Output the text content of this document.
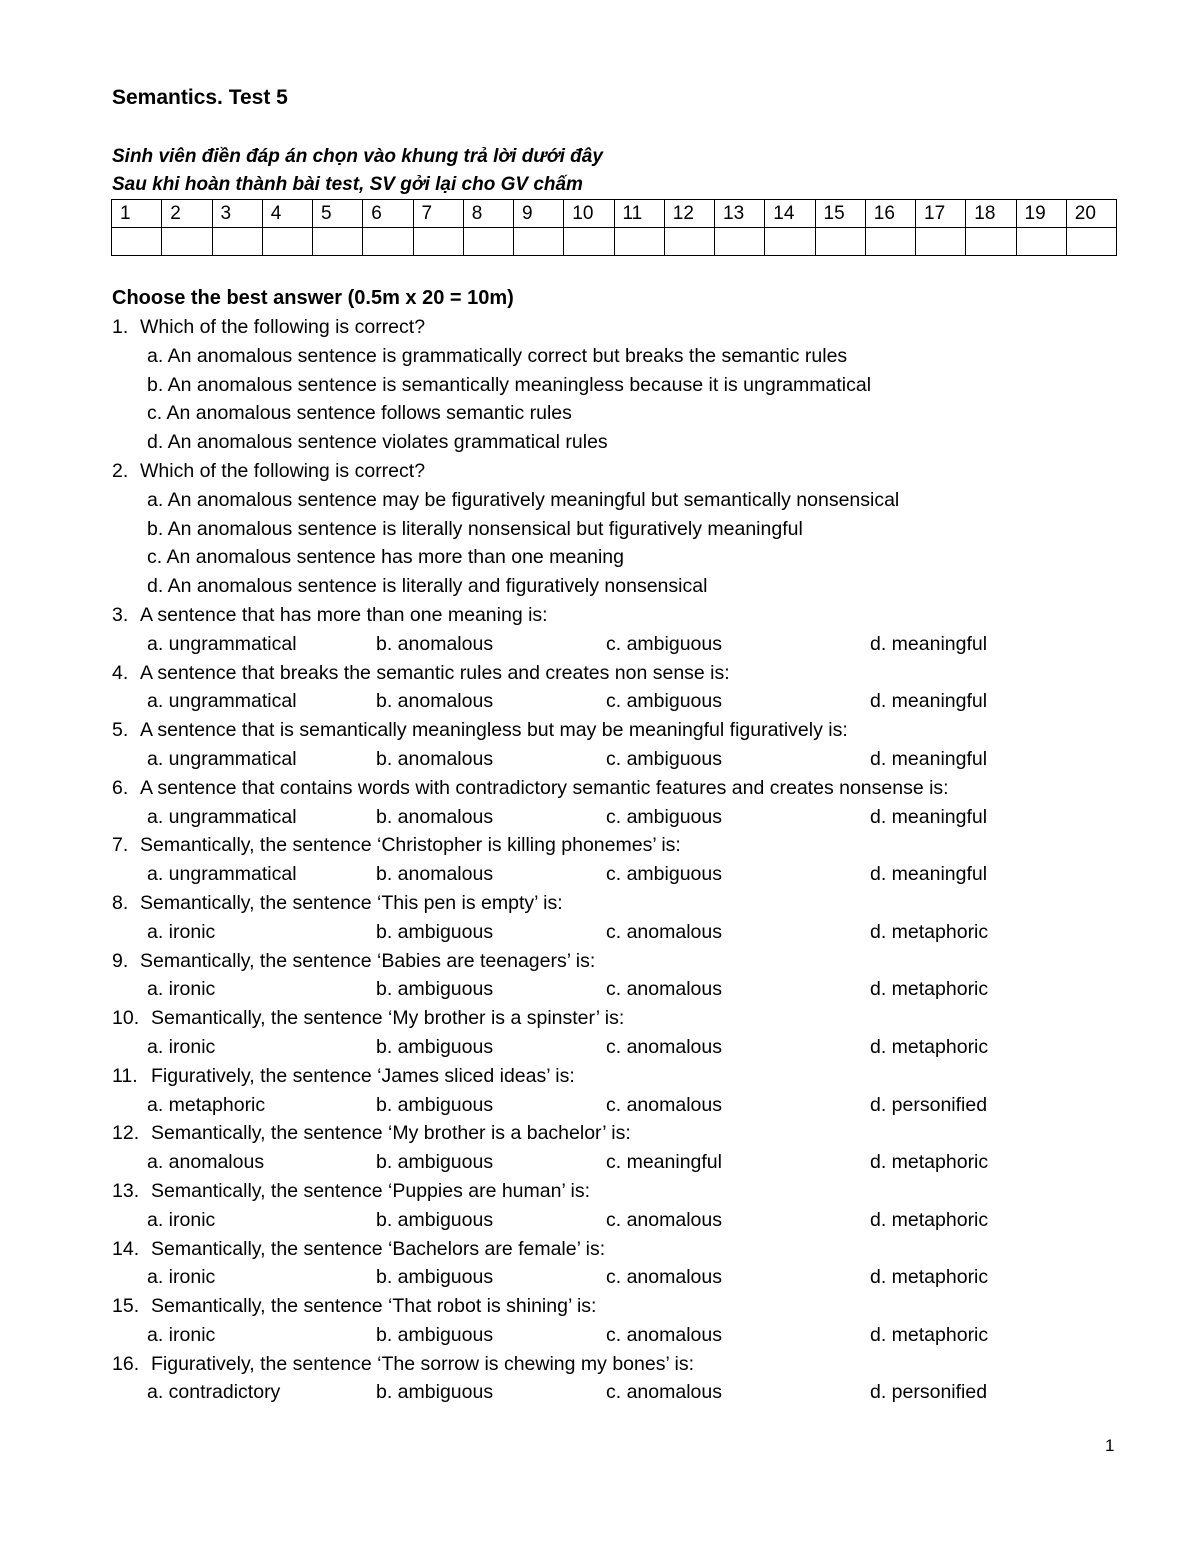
Semantics. Test 5
Sinh viên điền đáp án chọn vào khung trả lời dưới đây
Sau khi hoàn thành bài test, SV gởi lại cho GV chấm
1	2	3	4	5	6	7	8	9	10	11	12	13	14	15	16	17	18	19	20

Choose the best answer (0.5m x 20 = 10m)
1. Which of the following is correct?
a. An anomalous sentence is grammatically correct but breaks the semantic rules
b. An anomalous sentence is semantically meaningless because it is ungrammatical
c. An anomalous sentence follows semantic rules
d. An anomalous sentence violates grammatical rules
2. Which of the following is correct?
a. An anomalous sentence may be figuratively meaningful but semantically nonsensical
b. An anomalous sentence is literally nonsensical but figuratively meaningful
c. An anomalous sentence has more than one meaning
d. An anomalous sentence is literally and figuratively nonsensical
3. A sentence that has more than one meaning is:
a. ungrammatical	b. anomalous	c. ambiguous	d. meaningful
4. A sentence that breaks the semantic rules and creates non sense is:
a. ungrammatical	b. anomalous	c. ambiguous	d. meaningful
5. A sentence that is semantically meaningless but may be meaningful figuratively is:
a. ungrammatical	b. anomalous	c. ambiguous	d. meaningful
6. A sentence that contains words with contradictory semantic features and creates nonsense is:
a. ungrammatical	b. anomalous	c. ambiguous	d. meaningful
7. Semantically, the sentence ‘Christopher is killing phonemes’ is:
a. ungrammatical	b. anomalous	c. ambiguous	d. meaningful
8. Semantically, the sentence ‘This pen is empty’ is:
a. ironic	b. ambiguous	c. anomalous	d. metaphoric
9. Semantically, the sentence ‘Babies are teenagers’ is:
a. ironic	b. ambiguous	c. anomalous	d. metaphoric
10. Semantically, the sentence ‘My brother is a spinster’ is:
a. ironic	b. ambiguous	c. anomalous	d. metaphoric
11. Figuratively, the sentence ‘James sliced ideas’ is:
a. metaphoric	b. ambiguous	c. anomalous	d. personified
12. Semantically, the sentence ‘My brother is a bachelor’ is:
a. anomalous	b. ambiguous	c. meaningful	d. metaphoric
13. Semantically, the sentence ‘Puppies are human’ is:
a. ironic	b. ambiguous	c. anomalous	d. metaphoric
14. Semantically, the sentence ‘Bachelors are female’ is:
a. ironic	b. ambiguous	c. anomalous	d. metaphoric
15. Semantically, the sentence ‘That robot is shining’ is:
a. ironic	b. ambiguous	c. anomalous	d. metaphoric
16. Figuratively, the sentence ‘The sorrow is chewing my bones’ is:
a. contradictory	b. ambiguous	c. anomalous	d. personified
1
